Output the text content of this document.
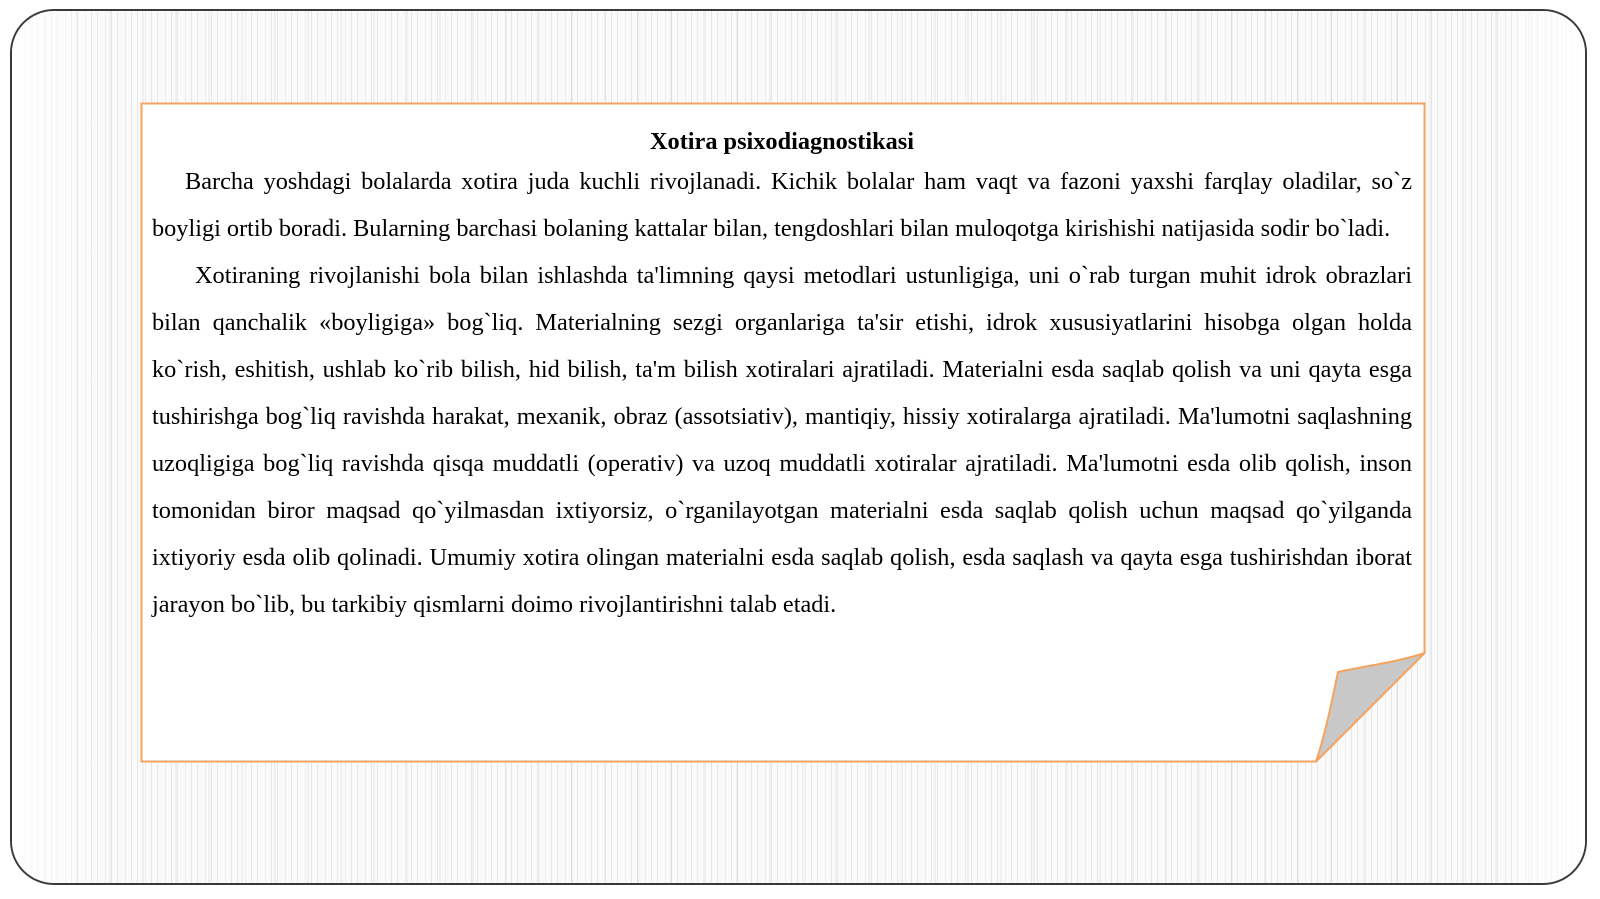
Xotira psixodiagnostikasi

Barcha yoshdagi bolalarda xotira juda kuchli rivojlanadi. Kichik bolalar ham vaqt va fazoni yaxshi farqlay oladilar, so`z boyligi ortib boradi. Bularning barchasi bolaning kattalar bilan, tengdoshlari bilan muloqotga kirishishi natijasida sodir bo`ladi.

Xotiraning rivojlanishi bola bilan ishlashda ta'limning qaysi metodlari ustunligiga, uni o`rab turgan muhit idrok obrazlari bilan qanchalik «boyligiga» bog`liq. Materialning sezgi organlariga ta'sir etishi, idrok xususiyatlarini hisobga olgan holda ko`rish, eshitish, ushlab ko`rib bilish, hid bilish, ta'm bilish xotiralari ajratiladi. Materialni esda saqlab qolish va uni qayta esga tushirishga bog`liq ravishda harakat, mexanik, obraz (assotsiativ), mantiqiy, hissiy xotiralarga ajratiladi. Ma'lumotni saqlashning uzoqligiga bog`liq ravishda qisqa muddatli (operativ) va uzoq muddatli xotiralar ajratiladi. Ma'lumotni esda olib qolish, inson tomonidan biror maqsad qo`yilmasdan ixtiyorsiz, o`rganilayotgan materialni esda saqlab qolish uchun maqsad qo`yilganda ixtiyoriy esda olib qolinadi. Umumiy xotira olingan materialni esda saqlab qolish, esda saqlash va qayta esga tushirishdan iborat jarayon bo`lib, bu tarkibiy qismlarni doimo rivojlantirishni talab etadi.
